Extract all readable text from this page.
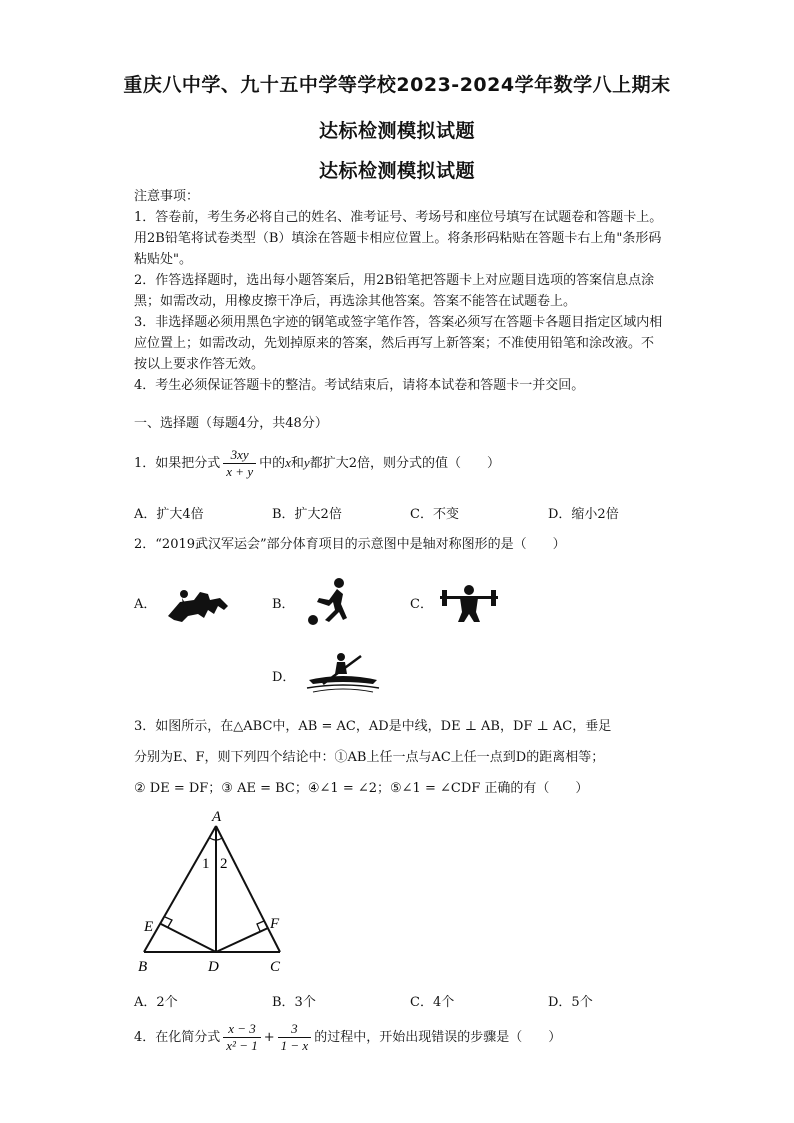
重庆八中学、九十五中学等学校2023-2024学年数学八上期末
达标检测模拟试题
达标检测模拟试题

注意事项：

1．答卷前，考生务必将自己的姓名、准考证号、考场号和座位号填写在试题卷和答题卡上。用2B铅笔将试卷类型（B）填涂在答题卡相应位置上。将条形码粘贴在答题卡右上角"条形码粘贴处"。

2．作答选择题时，选出每小题答案后，用2B铅笔把答题卡上对应题目选项的答案信息点涂黑；如需改动，用橡皮擦干净后，再选涂其他答案。答案不能答在试题卷上。

3．非选择题必须用黑色字迹的钢笔或签字笔作答，答案必须写在答题卡各题目指定区域内相应位置上；如需改动，先划掉原来的答案，然后再写上新答案；不准使用铅笔和涂改液。不按以上要求作答无效。

4．考生必须保证答题卡的整洁。考试结束后，请将本试卷和答题卡一并交回。

一、选择题（每题4分，共48分）
1．如果把分式 $\frac{3xy}{x + y}$ 中的x和y都扩大2倍，则分式的值（　　）
A．扩大4倍	B．扩大2倍	C．不变	D．缩小2倍
2．“2019武汉军运会”部分体育项目的示意图中是轴对称图形的是（　　）
A．	B．	C．
D．
3．如图所示，在△ABC中，AB = AC，AD是中线，DE ⊥ AB，DF ⊥ AC，垂足
分别为E、F，则下列四个结论中：①AB上任一点与AC上任一点到D的距离相等；
② DE = DF；③ AE = BC；④∠1 = ∠2；⑤∠1 = ∠CDF 正确的有（　　）
A
B	C
D
E	F
1 2
A．2个	B．3个	C．4个	D．5个
4．在化简分式 $\frac{x - 3}{\text{x² − 1}} + \frac{3}{1 - x}$ 的过程中，开始出现错误的步骤是（　　）
